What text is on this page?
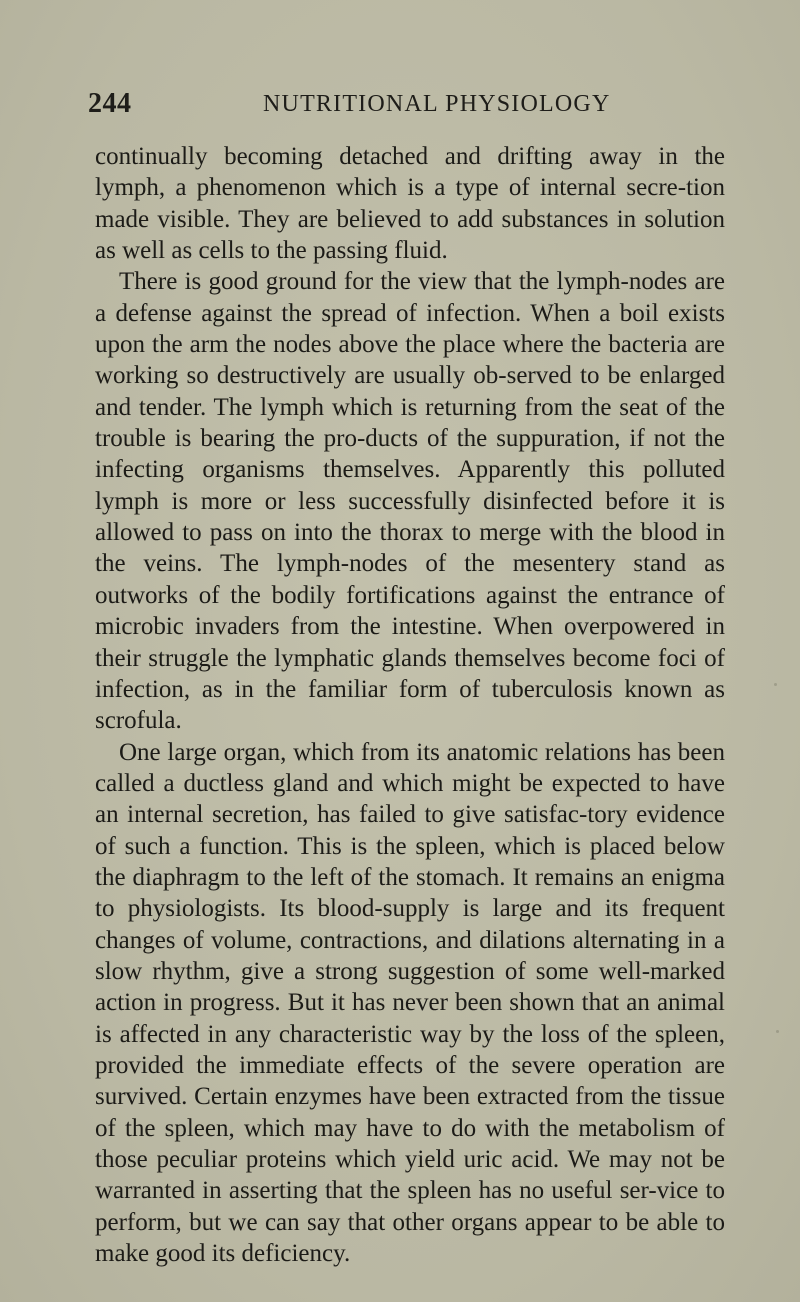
244	NUTRITIONAL PHYSIOLOGY

continually becoming detached and drifting away in the lymph, a phenomenon which is a type of internal secre-tion made visible. They are believed to add substances in solution as well as cells to the passing fluid.

There is good ground for the view that the lymph-nodes are a defense against the spread of infection. When a boil exists upon the arm the nodes above the place where the bacteria are working so destructively are usually ob-served to be enlarged and tender. The lymph which is returning from the seat of the trouble is bearing the pro-ducts of the suppuration, if not the infecting organisms themselves. Apparently this polluted lymph is more or less successfully disinfected before it is allowed to pass on into the thorax to merge with the blood in the veins. The lymph-nodes of the mesentery stand as outworks of the bodily fortifications against the entrance of microbic invaders from the intestine. When overpowered in their struggle the lymphatic glands themselves become foci of infection, as in the familiar form of tuberculosis known as scrofula.

One large organ, which from its anatomic relations has been called a ductless gland and which might be expected to have an internal secretion, has failed to give satisfac-tory evidence of such a function. This is the spleen, which is placed below the diaphragm to the left of the stomach. It remains an enigma to physiologists. Its blood-supply is large and its frequent changes of volume, contractions, and dilations alternating in a slow rhythm, give a strong suggestion of some well-marked action in progress. But it has never been shown that an animal is affected in any characteristic way by the loss of the spleen, provided the immediate effects of the severe operation are survived. Certain enzymes have been extracted from the tissue of the spleen, which may have to do with the metabolism of those peculiar proteins which yield uric acid. We may not be warranted in asserting that the spleen has no useful ser-vice to perform, but we can say that other organs appear to be able to make good its deficiency.
